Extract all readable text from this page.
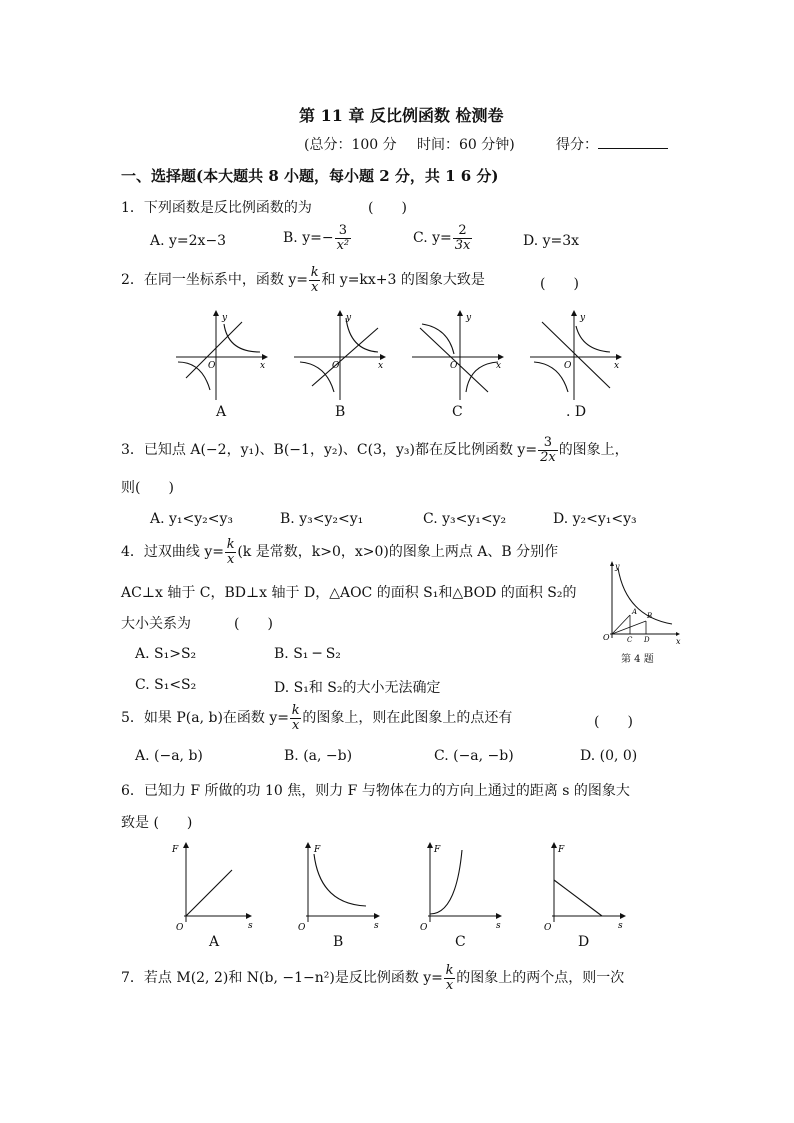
第 11 章 反比例函数 检测卷
(总分：100 分 时间：60 分钟)	得分：
一、选择题(本大题共 8 小题，每小题 2 分，共 1 6 分)
1．下列函数是反比例函数的为	(　　)
A. y=2x−3	B. $y=- \frac{3}{\text{x²}}$	C. $y= \frac{2}{3x}$	D. y=3x
2．在同一坐标系中，函数 $y= \frac{k}{x}$ 和 y=kx+3 的图象大致是	(　　)
y
x
O
A
y
x
O
B
y
x
O
C
y
x
O
. D
3．已知点 A(−2，y₁)、B(−1，y₂)、C(3，y₃)都在反比例函数 $y= \frac{3}{2x}$ 的图象上，
则(　　)
A. y₁<y₂<y₃	B. y₃<y₂<y₁	C. y₃<y₁<y₂	D. y₂<y₁<y₃
4．过双曲线 $y= \frac{k}{x} (k$ 是常数，k>0，x>0)的图象上两点 A、B 分别作
AC⊥x 轴于 C，BD⊥x 轴于 D，△AOC 的面积 S₁和△BOD 的面积 S₂的
大小关系为	(　　)
A. S₁>S₂	B. S₁ ─ S₂
C. S₁<S₂	D. S₁和 S₂的大小无法确定
y
x
O
A B
C D
第 4 题
5．如果 P(a, b)在函数 $y= \frac{k}{x}$ 的图象上，则在此图象上的点还有	(　　)
A. (−a, b)	B. (a, −b)	C. (−a, −b)	D. (0, 0)
6．已知力 F 所做的功 10 焦，则力 F 与物体在力的方向上通过的距离 s 的图象大
致是 (　　)
F
s
O
A
F
s
O
B
F
s
O
C
F
s
O
D
7．若点 M(2, 2)和 N(b, −1−n²)是反比例函数 $y= \frac{k}{x}$ 的图象上的两个点，则一次
